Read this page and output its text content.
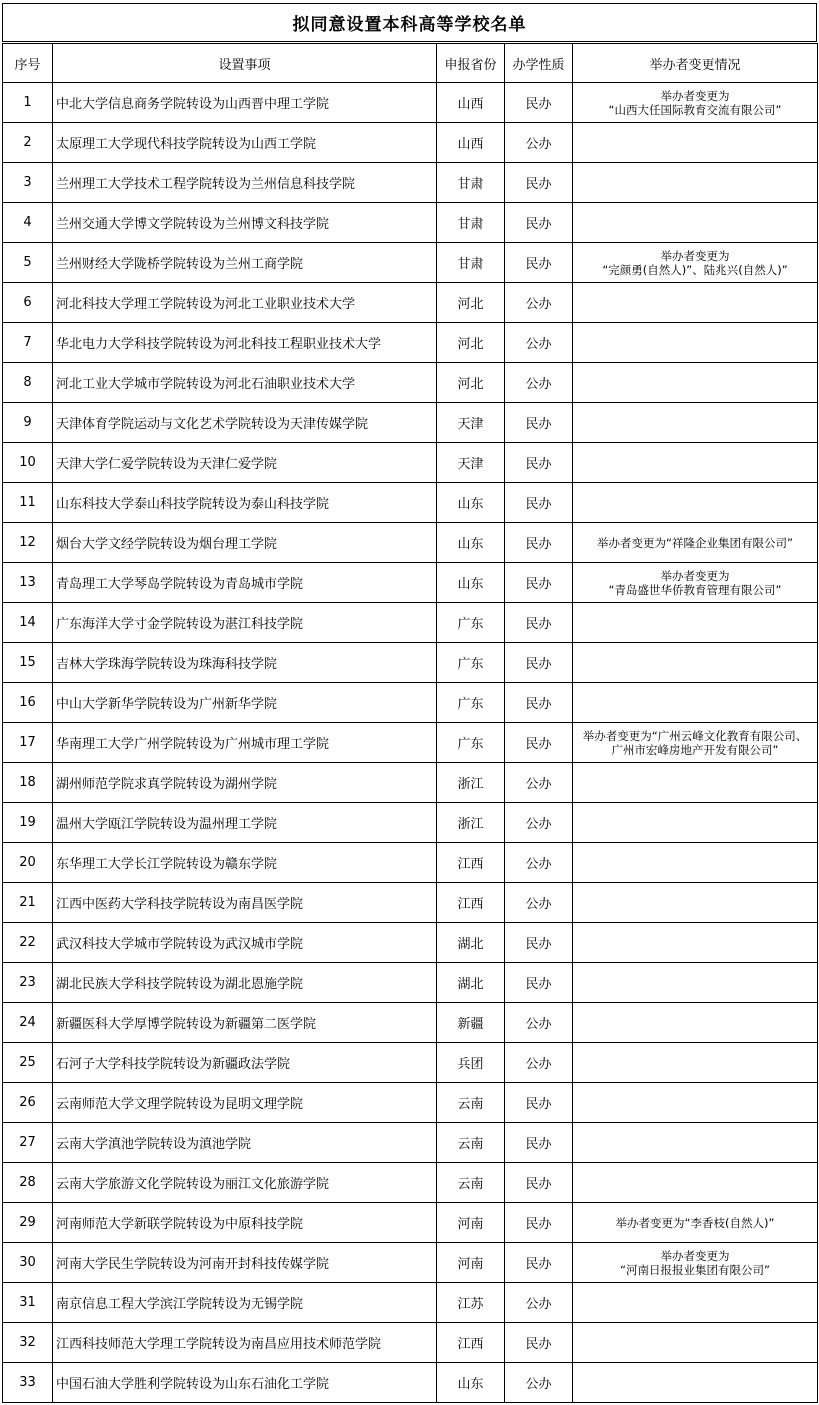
拟同意设置本科高等学校名单
序号	设置事项	申报省份	办学性质	举办者变更情况
1	中北大学信息商务学院转设为山西晋中理工学院	山西	民办	举办者变更为
“山西大任国际教育交流有限公司”

2	太原理工大学现代科技学院转设为山西工学院	山西	公办	
3	兰州理工大学技术工程学院转设为兰州信息科技学院	甘肃	民办	
4	兰州交通大学博文学院转设为兰州博文科技学院	甘肃	民办	
5	兰州财经大学陇桥学院转设为兰州工商学院	甘肃	民办	举办者变更为
“完颜勇(自然人)”、陆兆兴(自然人)”

6	河北科技大学理工学院转设为河北工业职业技术大学	河北	公办	
7	华北电力大学科技学院转设为河北科技工程职业技术大学	河北	公办	
8	河北工业大学城市学院转设为河北石油职业技术大学	河北	公办	
9	天津体育学院运动与文化艺术学院转设为天津传媒学院	天津	民办	
10	天津大学仁爱学院转设为天津仁爱学院	天津	民办	
11	山东科技大学泰山科技学院转设为泰山科技学院	山东	民办	
12	烟台大学文经学院转设为烟台理工学院	山东	民办	举办者变更为“祥隆企业集团有限公司”

13	青岛理工大学琴岛学院转设为青岛城市学院	山东	民办	举办者变更为
“青岛盛世华侨教育管理有限公司”

14	广东海洋大学寸金学院转设为湛江科技学院	广东	民办	
15	吉林大学珠海学院转设为珠海科技学院	广东	民办	
16	中山大学新华学院转设为广州新华学院	广东	民办	
17	华南理工大学广州学院转设为广州城市理工学院	广东	民办	举办者变更为“广州云峰文化教育有限公司、
广州市宏峰房地产开发有限公司”

18	湖州师范学院求真学院转设为湖州学院	浙江	公办	
19	温州大学瓯江学院转设为温州理工学院	浙江	公办	
20	东华理工大学长江学院转设为赣东学院	江西	公办	
21	江西中医药大学科技学院转设为南昌医学院	江西	公办	
22	武汉科技大学城市学院转设为武汉城市学院	湖北	民办	
23	湖北民族大学科技学院转设为湖北恩施学院	湖北	民办	
24	新疆医科大学厚博学院转设为新疆第二医学院	新疆	公办	
25	石河子大学科技学院转设为新疆政法学院	兵团	公办	
26	云南师范大学文理学院转设为昆明文理学院	云南	民办	
27	云南大学滇池学院转设为滇池学院	云南	民办	
28	云南大学旅游文化学院转设为丽江文化旅游学院	云南	民办	
29	河南师范大学新联学院转设为中原科技学院	河南	民办	举办者变更为“李香枝(自然人)”

30	河南大学民生学院转设为河南开封科技传媒学院	河南	民办	举办者变更为
“河南日报报业集团有限公司”

31	南京信息工程大学滨江学院转设为无锡学院	江苏	公办	
32	江西科技师范大学理工学院转设为南昌应用技术师范学院	江西	民办	
33	中国石油大学胜利学院转设为山东石油化工学院	山东	公办	
